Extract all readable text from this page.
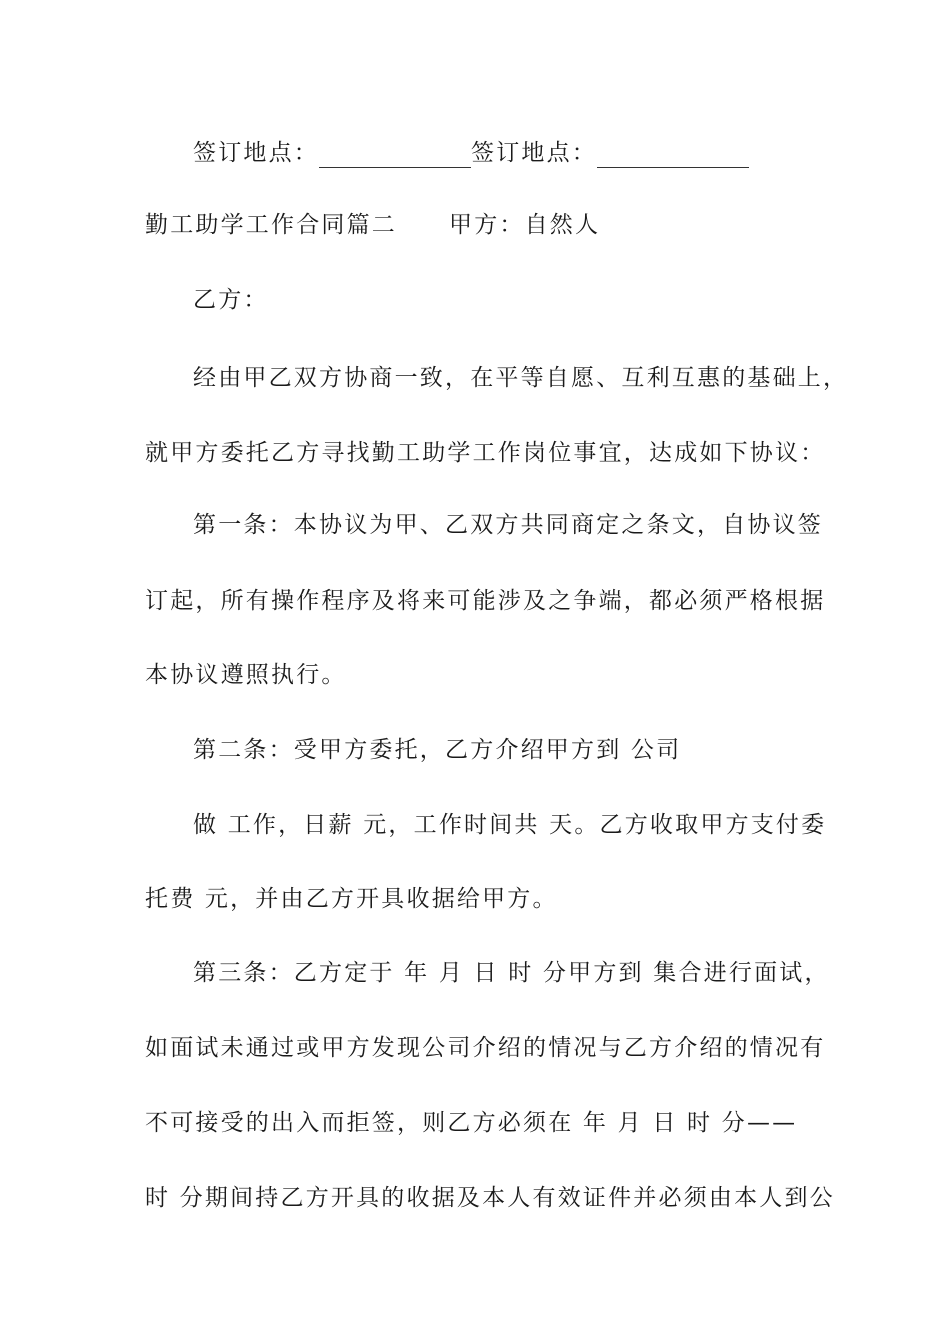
签订地点：	签订地点：
勤工助学工作合同篇二 甲方：自然人
乙方：
经由甲乙双方协商一致，在平等自愿、互利互惠的基础上，
就甲方委托乙方寻找勤工助学工作岗位事宜，达成如下协议：
第一条：本协议为甲、乙双方共同商定之条文，自协议签
订起，所有操作程序及将来可能涉及之争端，都必须严格根据
本协议遵照执行。
第二条：受甲方委托，乙方介绍甲方到 公司
做 工作，日薪 元，工作时间共 天。乙方收取甲方支付委
托费 元，并由乙方开具收据给甲方。
第三条：乙方定于 年 月 日 时 分甲方到 集合进行面试，
如面试未通过或甲方发现公司介绍的情况与乙方介绍的情况有
不可接受的出入而拒签，则乙方必须在 年 月 日 时 分——
时 分期间持乙方开具的收据及本人有效证件并必须由本人到公
